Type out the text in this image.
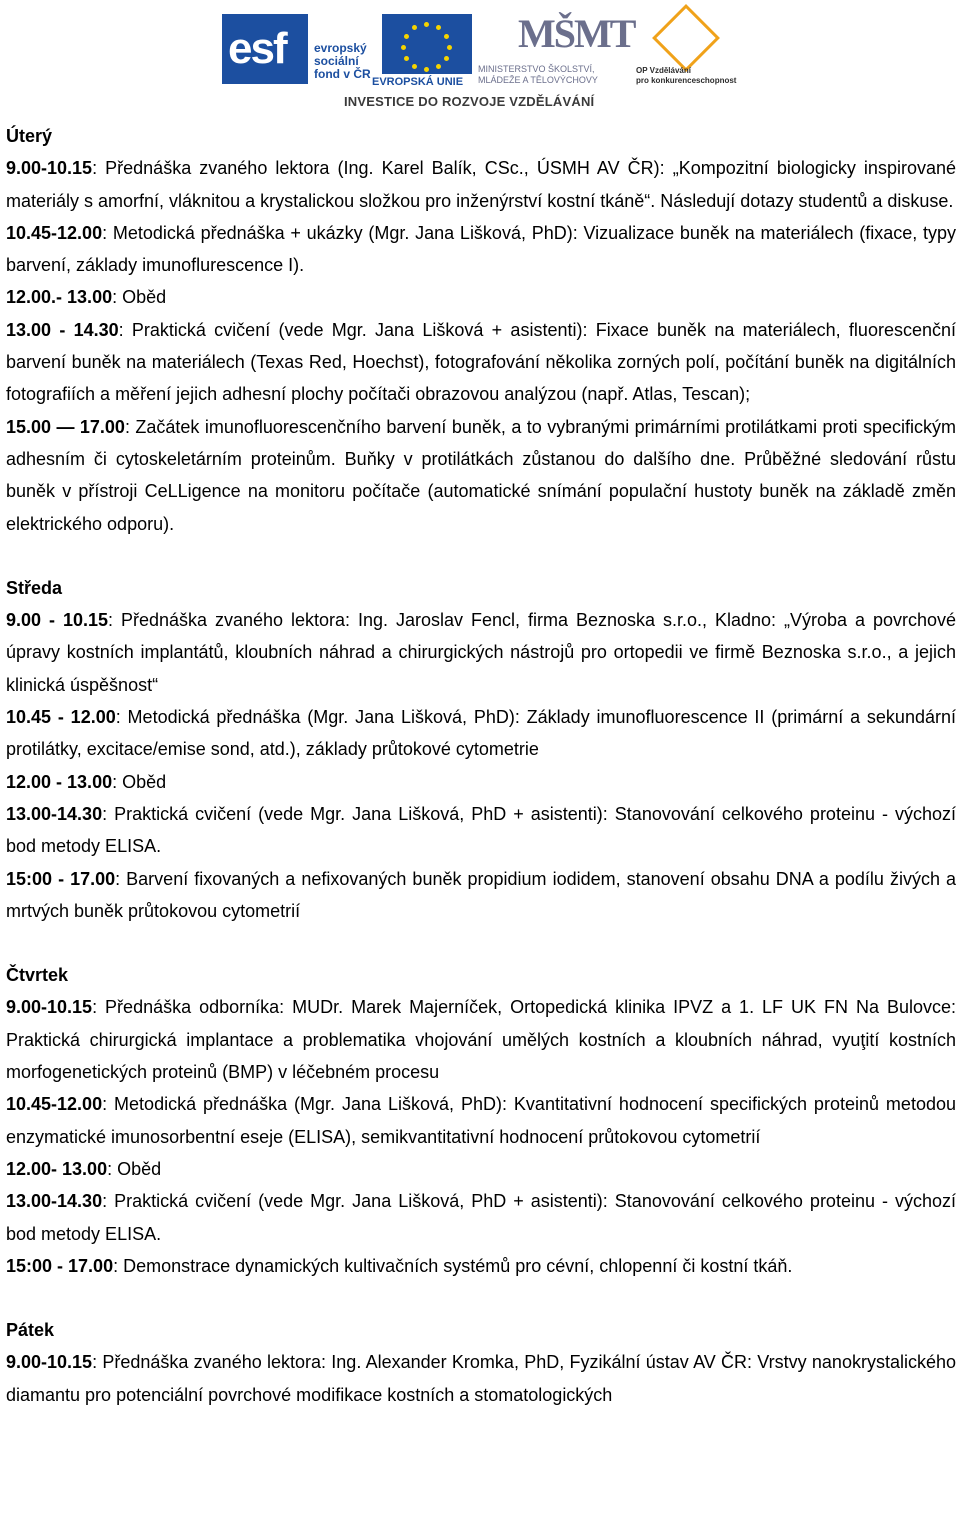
esf evropský
sociální
fond v ČR
EVROPSKÁ UNIE
MŠMT
MINISTERSTVO ŠKOLSTVÍ,
MLÁDEŽE A TĚLOVÝCHOVY
OP Vzdělávání
pro konkurenceschopnost
INVESTICE DO ROZVOJE VZDĚLÁVÁNÍ

Úterý

9.00-10.15: Přednáška zvaného lektora (Ing. Karel Balík, CSc., ÚSMH AV ČR): „Kompozitní biologicky inspirované materiály s amorfní, vláknitou a krystalickou složkou pro inženýrství kostní tkáně“. Následují dotazy studentů a diskuse.

10.45-12.00: Metodická přednáška + ukázky (Mgr. Jana Lišková, PhD): Vizualizace buněk na materiálech (fixace, typy barvení, základy imunoflurescence I).

12.00.- 13.00: Oběd

13.00 - 14.30: Praktická cvičení (vede Mgr. Jana Lišková + asistenti): Fixace buněk na materiálech, fluorescenční barvení buněk na materiálech (Texas Red, Hoechst), fotografování několika zorných polí, počítání buněk na digitálních fotografiích a měření jejich adhesní plochy počítači obrazovou analýzou (např. Atlas, Tescan);

15.00 — 17.00: Začátek imunofluorescenčního barvení buněk, a to vybranými primárními protilátkami proti specifickým adhesním či cytoskeletárním proteinům. Buňky v protilátkách zůstanou do dalšího dne. Průběžné sledování růstu buněk v přístroji CeLLigence na monitoru počítače (automatické snímání populační hustoty buněk na základě změn elektrického odporu).

Středa

9.00 - 10.15: Přednáška zvaného lektora: Ing. Jaroslav Fencl, firma Beznoska s.r.o., Kladno: „Výroba a povrchové úpravy kostních implantátů, kloubních náhrad a chirurgických nástrojů pro ortopedii ve firmě Beznoska s.r.o., a jejich klinická úspěšnost“

10.45 - 12.00: Metodická přednáška (Mgr. Jana Lišková, PhD): Základy imunofluorescence II (primární a sekundární protilátky, excitace/emise sond, atd.), základy průtokové cytometrie

12.00 - 13.00: Oběd

13.00-14.30: Praktická cvičení (vede Mgr. Jana Lišková, PhD + asistenti): Stanovování celkového proteinu - výchozí bod metody ELISA.

15:00 - 17.00: Barvení fixovaných a nefixovaných buněk propidium iodidem, stanovení obsahu DNA a podílu živých a mrtvých buněk průtokovou cytometrií

Čtvrtek

9.00-10.15: Přednáška odborníka: MUDr. Marek Majerníček, Ortopedická klinika IPVZ a 1. LF UK FN Na Bulovce: Praktická chirurgická implantace a problematika vhojování umělých kostních a kloubních náhrad, vyuţití kostních morfogenetických proteinů (BMP) v léčebném procesu

10.45-12.00: Metodická přednáška (Mgr. Jana Lišková, PhD): Kvantitativní hodnocení specifických proteinů metodou enzymatické imunosorbentní eseje (ELISA), semikvantitativní hodnocení průtokovou cytometrií

12.00- 13.00: Oběd

13.00-14.30: Praktická cvičení (vede Mgr. Jana Lišková, PhD + asistenti): Stanovování celkového proteinu - výchozí bod metody ELISA.

15:00 - 17.00: Demonstrace dynamických kultivačních systémů pro cévní, chlopenní či kostní tkáň.

Pátek

9.00-10.15: Přednáška zvaného lektora: Ing. Alexander Kromka, PhD, Fyzikální ústav AV ČR: Vrstvy nanokrystalického diamantu pro potenciální povrchové modifikace kostních a stomatologických
